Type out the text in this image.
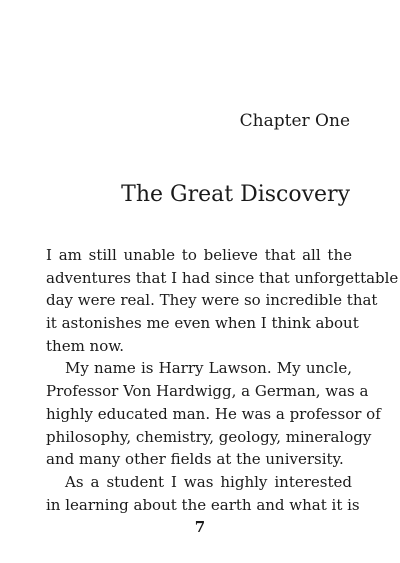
Chapter One
The Great Discovery
I am still unable to believe that all the
adventures that I had since that unforgettable
day were real. They were so incredible that
it astonishes me even when I think about
them now.
My name is Harry Lawson. My uncle,
Professor Von Hardwigg, a German, was a
highly educated man. He was a professor of
philosophy, chemistry, geology, mineralogy
and many other fields at the university.
As a student I was highly interested
in learning about the earth and what it is
7
